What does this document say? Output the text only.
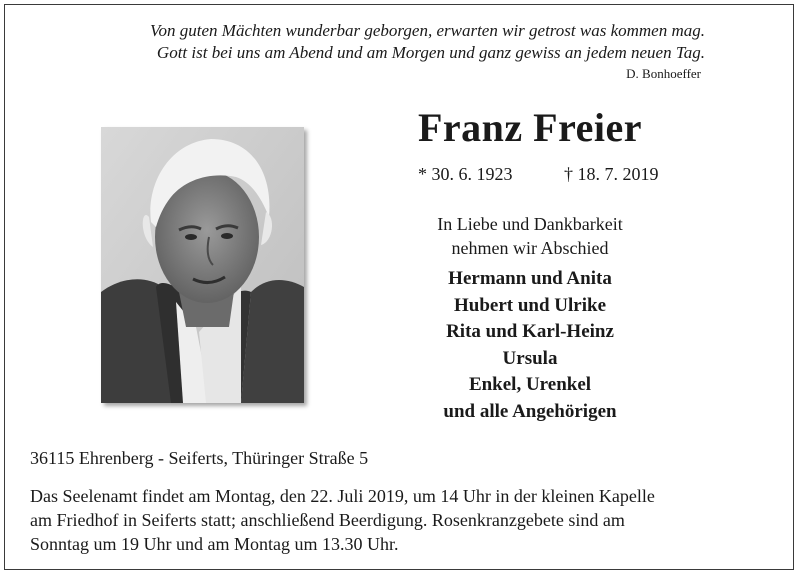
Von guten Mächten wunderbar geborgen, erwarten wir getrost was kommen mag.
Gott ist bei uns am Abend und am Morgen und ganz gewiss an jedem neuen Tag.
D. Bonhoeffer
Franz Freier
* 30. 6. 1923	† 18. 7. 2019
In Liebe und Dankbarkeit
nehmen wir Abschied
Hermann und Anita
Hubert und Ulrike
Rita und Karl-Heinz
Ursula
Enkel, Urenkel
und alle Angehörigen
36115 Ehrenberg - Seiferts, Thüringer Straße 5
Das Seelenamt findet am Montag, den 22. Juli 2019, um 14 Uhr in der kleinen Kapelle
am Friedhof in Seiferts statt; anschließend Beerdigung. Rosenkranzgebete sind am
Sonntag um 19 Uhr und am Montag um 13.30 Uhr.
